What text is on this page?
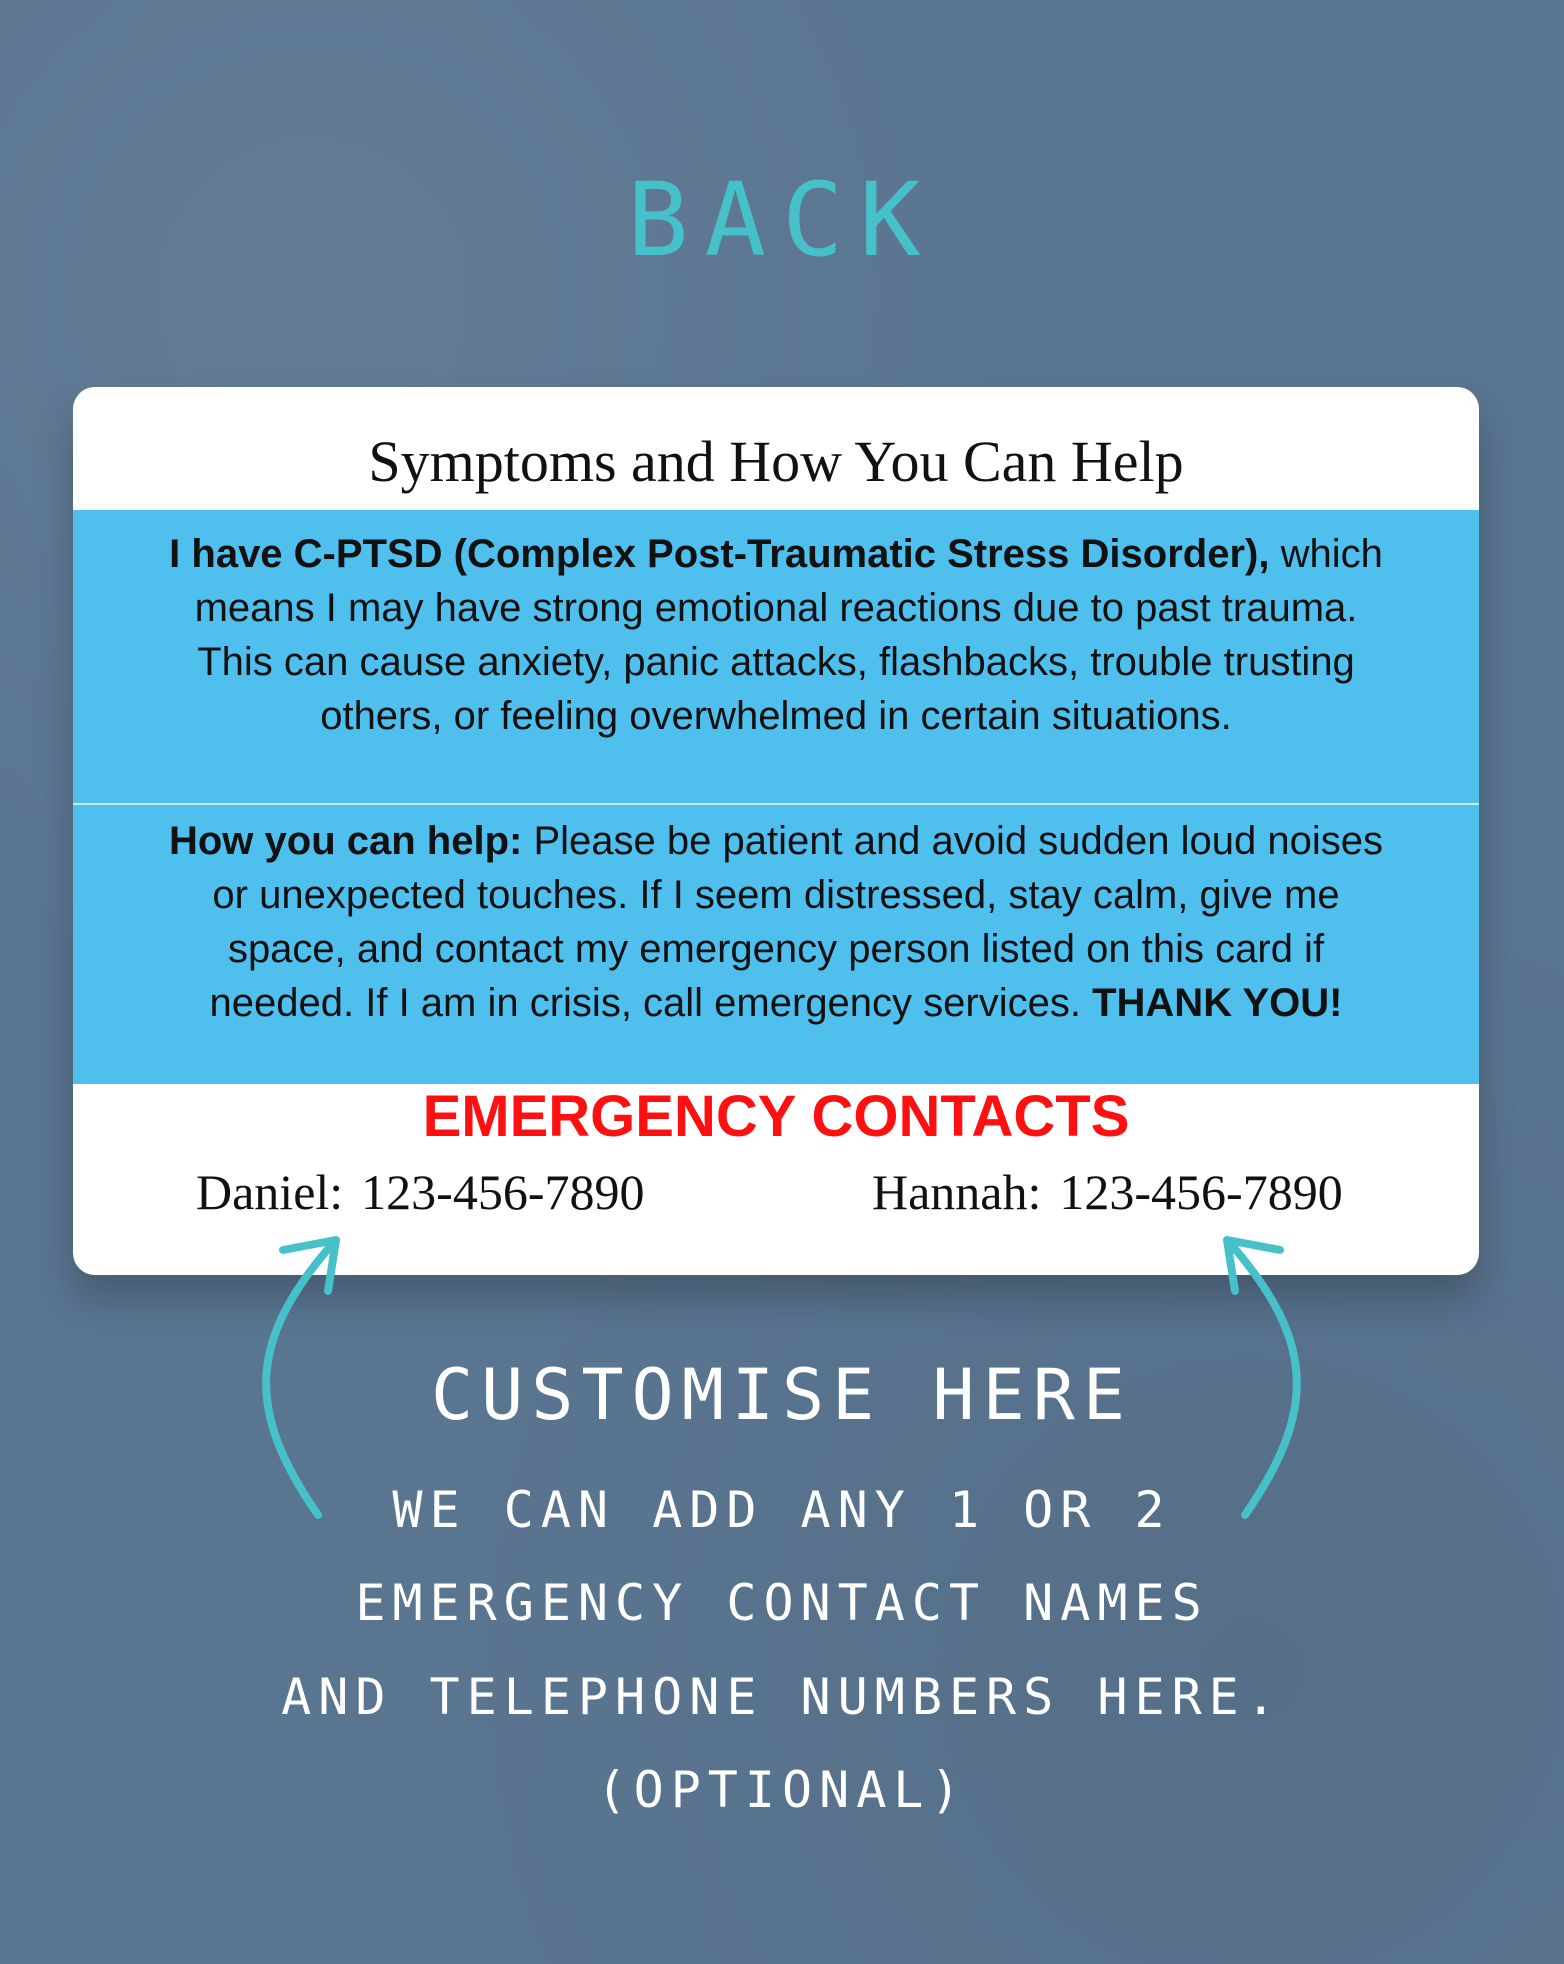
BACK
Symptoms and How You Can Help
I have C-PTSD (Complex Post-Traumatic Stress Disorder), which means I may have strong emotional reactions due to past trauma. This can cause anxiety, panic attacks, flashbacks, trouble trusting others, or feeling overwhelmed in certain situations.
How you can help: Please be patient and avoid sudden loud noises or unexpected touches. If I seem distressed, stay calm, give me space, and contact my emergency person listed on this card if needed. If I am in crisis, call emergency services. THANK YOU!
EMERGENCY CONTACTS
Daniel: 123-456-7890	Hannah: 123-456-7890
CUSTOMISE HERE
WE CAN ADD ANY 1 OR 2
EMERGENCY CONTACT NAMES
AND TELEPHONE NUMBERS HERE.
(OPTIONAL)
